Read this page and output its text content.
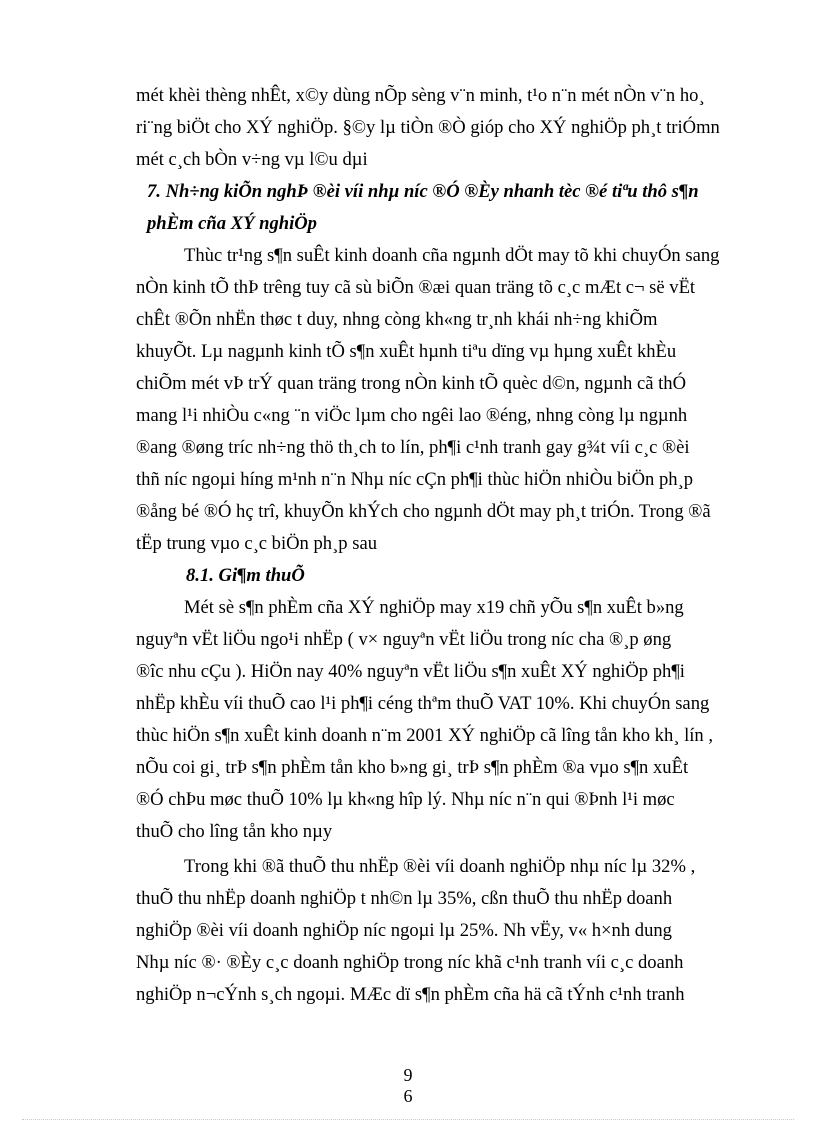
mét khèi thèng nhÊt, x©y dùng nÕp sèng v¨n minh, t¹o n¨n mét nÒn v¨n ho¸
ri¨ng biÖt cho XÝ nghiÖp. §©y lµ tiÒn ®Ò gióp cho XÝ nghiÖp ph¸t triÓmn
mét c¸ch bÒn v÷ng vµ l©u dµi
7. Nh÷ng kiÕn nghÞ ®èi víi nhµ níc ®Ó ®Èy nhanh tèc ®é tiªu thô s¶n
phÈm cña XÝ nghiÖp
Thùc tr¹ng s¶n suÊt kinh doanh cña ngµnh dÖt may tõ khi chuyÓn sang
nÒn kinh tÕ thÞ trêng tuy cã sù biÕn ®æi quan träng tõ c¸c mÆt c¬ së vËt
chÊt ®Õn nhËn thøc t duy, nhng còng kh«ng tr¸nh khái nh÷ng khiÕm
khuyÕt. Lµ nagµnh kinh tÕ s¶n xuÊt hµnh tiªu dïng vµ hµng xuÊt khÈu
chiÕm mét vÞ trÝ quan träng trong nÒn kinh tÕ quèc d©n, ngµnh cã thÓ
mang l¹i nhiÒu c«ng ¨n viÖc lµm cho ngêi lao ®éng, nhng còng lµ ngµnh
®ang ®øng tríc nh÷ng thö th¸ch to lín, ph¶i c¹nh tranh gay g¾t víi c¸c ®èi
thñ níc ngoµi híng m¹nh n¨n Nhµ níc cÇn ph¶i thùc hiÖn nhiÒu biÖn ph¸p
®ång bé ®Ó hç trî, khuyÕn khÝch cho ngµnh dÖt may ph¸t triÓn. Trong ®ã
tËp trung vµo c¸c biÖn ph¸p sau
8.1. Gi¶m thuÕ
Mét sè s¶n phÈm cña XÝ nghiÖp may x19 chñ yÕu s¶n xuÊt b»ng
nguyªn vËt liÖu ngo¹i nhËp ( v× nguyªn vËt liÖu trong níc cha ®¸p øng
®îc nhu cÇu ). HiÖn nay 40% nguyªn vËt liÖu s¶n xuÊt XÝ nghiÖp ph¶i
nhËp khÈu víi thuÕ cao l¹i ph¶i céng thªm thuÕ VAT 10%. Khi chuyÓn sang
thùc hiÖn s¶n xuÊt kinh doanh n¨m 2001 XÝ nghiÖp cã lîng tån kho kh¸ lín ,
nÕu coi gi¸ trÞ s¶n phÈm tån kho b»ng gi¸ trÞ s¶n phÈm ®a vµo s¶n xuÊt
®Ó chÞu møc thuÕ 10% lµ kh«ng hîp lý. Nhµ níc n¨n qui ®Þnh l¹i møc
thuÕ cho lîng tån kho nµy
Trong khi ®ã thuÕ thu nhËp ®èi víi doanh nghiÖp nhµ níc lµ 32% ,
thuÕ thu nhËp doanh nghiÖp t nh©n lµ 35%, cßn thuÕ thu nhËp doanh
nghiÖp ®èi víi doanh nghiÖp níc ngoµi lµ 25%. Nh vËy, v« h×nh dung
Nhµ níc ®· ®Èy c¸c doanh nghiÖp trong níc khã c¹nh tranh víi c¸c doanh
nghiÖp n¬cÝnh s¸ch ngoµi. MÆc dï s¶n phÈm cña hä cã tÝnh c¹nh tranh
9
6
